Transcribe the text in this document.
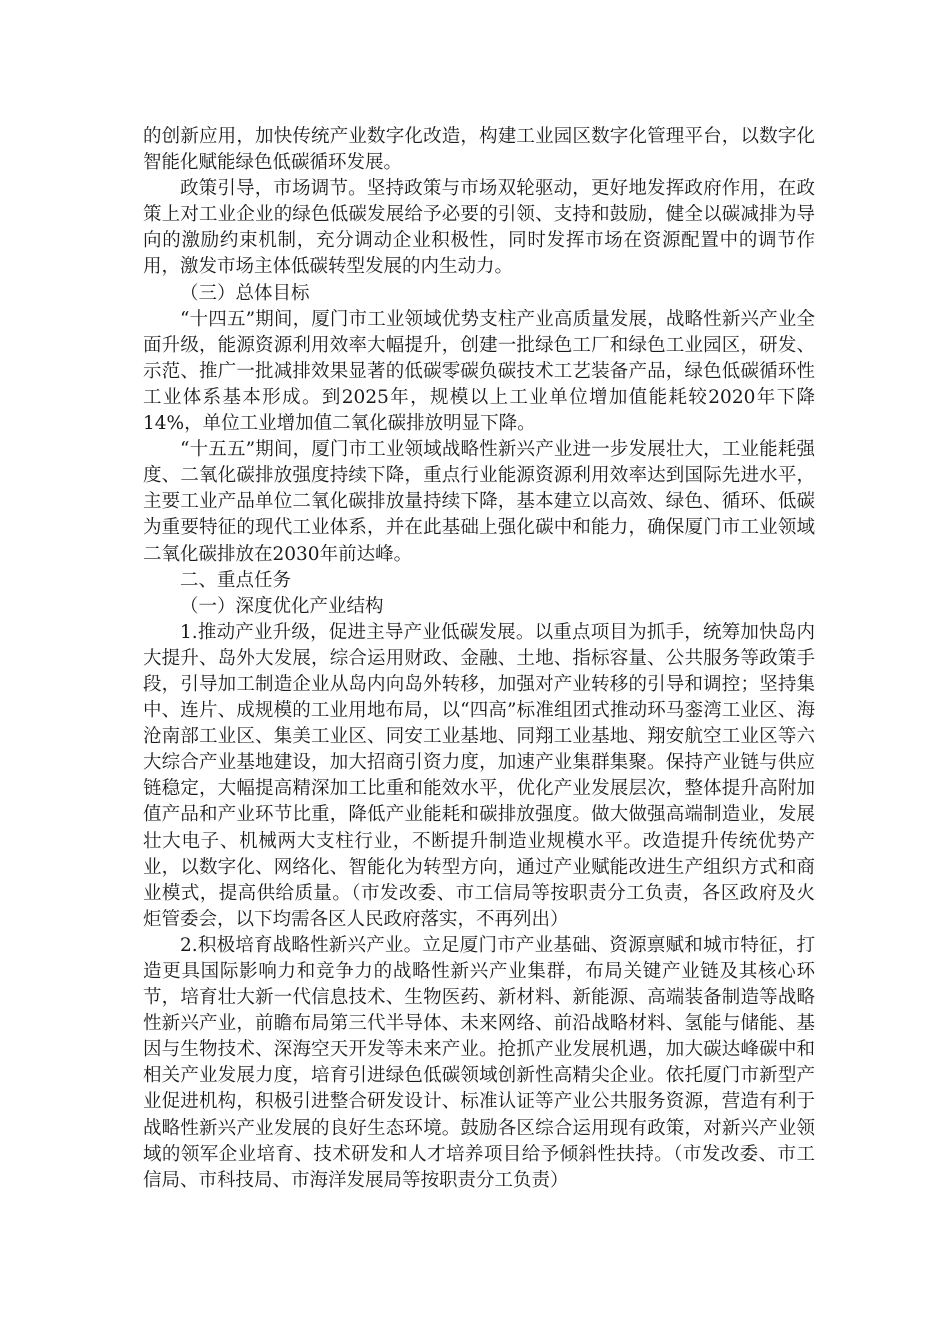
的创新应用，加快传统产业数字化改造，构建工业园区数字化管理平台，以数字化智能化赋能绿色低碳循环发展。

政策引导，市场调节。坚持政策与市场双轮驱动，更好地发挥政府作用，在政策上对工业企业的绿色低碳发展给予必要的引领、支持和鼓励，健全以碳减排为导向的激励约束机制，充分调动企业积极性，同时发挥市场在资源配置中的调节作用，激发市场主体低碳转型发展的内生动力。

（三）总体目标

“十四五”期间，厦门市工业领域优势支柱产业高质量发展，战略性新兴产业全面升级，能源资源利用效率大幅提升，创建一批绿色工厂和绿色工业园区，研发、示范、推广一批减排效果显著的低碳零碳负碳技术工艺装备产品，绿色低碳循环性工业体系基本形成。到2025年，规模以上工业单位增加值能耗较2020年下降14%，单位工业增加值二氧化碳排放明显下降。

“十五五”期间，厦门市工业领域战略性新兴产业进一步发展壮大，工业能耗强度、二氧化碳排放强度持续下降，重点行业能源资源利用效率达到国际先进水平，主要工业产品单位二氧化碳排放量持续下降，基本建立以高效、绿色、循环、低碳为重要特征的现代工业体系，并在此基础上强化碳中和能力，确保厦门市工业领域二氧化碳排放在2030年前达峰。

二、重点任务

（一）深度优化产业结构

1.推动产业升级，促进主导产业低碳发展。以重点项目为抓手，统筹加快岛内大提升、岛外大发展，综合运用财政、金融、土地、指标容量、公共服务等政策手段，引导加工制造企业从岛内向岛外转移，加强对产业转移的引导和调控；坚持集中、连片、成规模的工业用地布局，以“四高”标准组团式推动环马銮湾工业区、海沧南部工业区、集美工业区、同安工业基地、同翔工业基地、翔安航空工业区等六大综合产业基地建设，加大招商引资力度，加速产业集群集聚。保持产业链与供应链稳定，大幅提高精深加工比重和能效水平，优化产业发展层次，整体提升高附加值产品和产业环节比重，降低产业能耗和碳排放强度。做大做强高端制造业，发展壮大电子、机械两大支柱行业，不断提升制造业规模水平。改造提升传统优势产业，以数字化、网络化、智能化为转型方向，通过产业赋能改进生产组织方式和商业模式，提高供给质量。（市发改委、市工信局等按职责分工负责，各区政府及火炬管委会，以下均需各区人民政府落实，不再列出）

2.积极培育战略性新兴产业。立足厦门市产业基础、资源禀赋和城市特征，打造更具国际影响力和竞争力的战略性新兴产业集群，布局关键产业链及其核心环节，培育壮大新一代信息技术、生物医药、新材料、新能源、高端装备制造等战略性新兴产业，前瞻布局第三代半导体、未来网络、前沿战略材料、氢能与储能、基因与生物技术、深海空天开发等未来产业。抢抓产业发展机遇，加大碳达峰碳中和相关产业发展力度，培育引进绿色低碳领域创新性高精尖企业。依托厦门市新型产业促进机构，积极引进整合研发设计、标准认证等产业公共服务资源，营造有利于战略性新兴产业发展的良好生态环境。鼓励各区综合运用现有政策，对新兴产业领域的领军企业培育、技术研发和人才培养项目给予倾斜性扶持。（市发改委、市工信局、市科技局、市海洋发展局等按职责分工负责）
